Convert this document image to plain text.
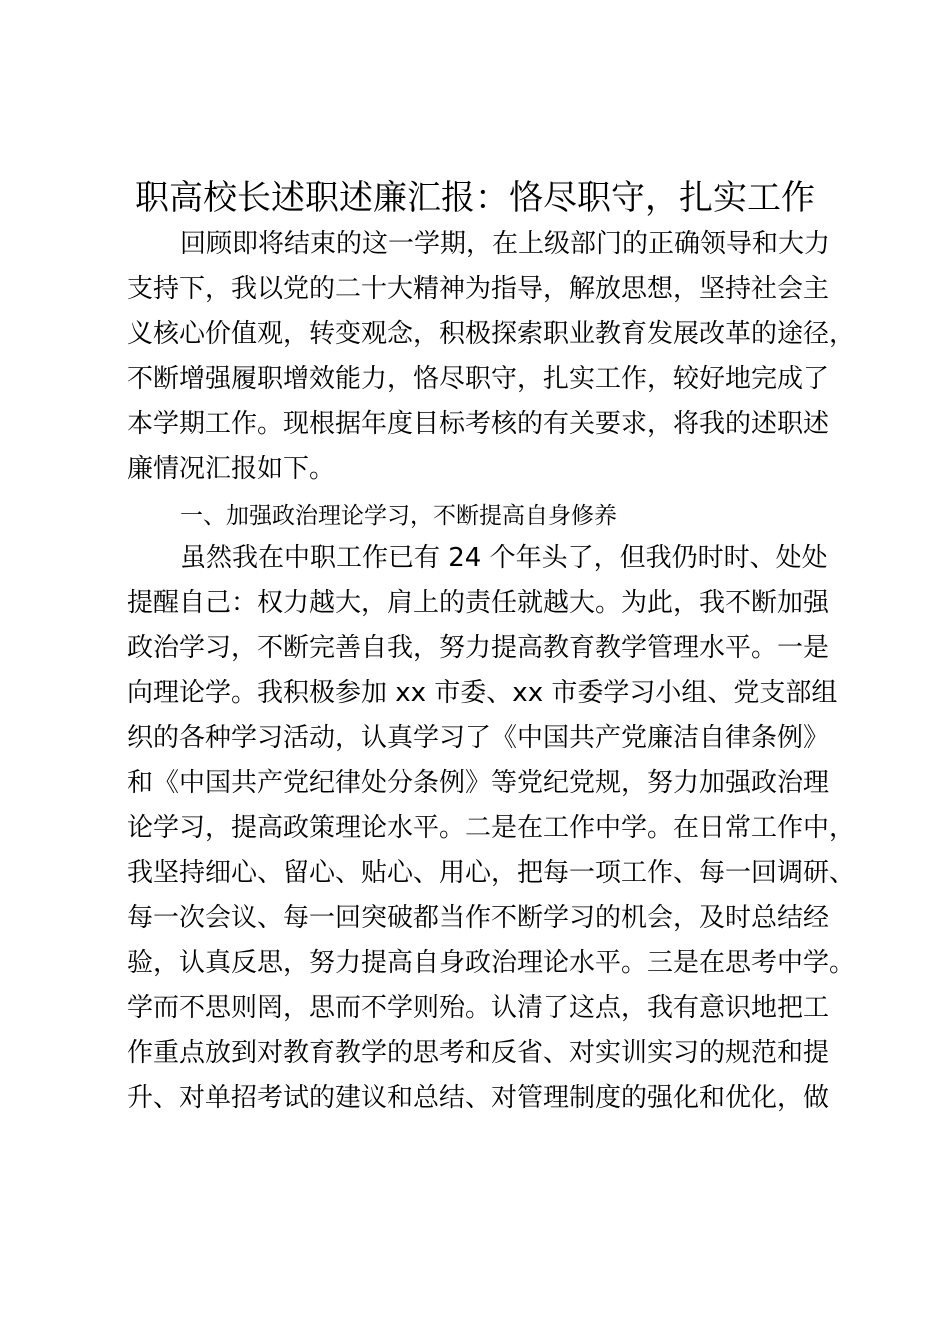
职高校长述职述廉汇报：恪尽职守，扎实工作
回顾即将结束的这一学期，在上级部门的正确领导和大力
支持下，我以党的二十大精神为指导，解放思想，坚持社会主
义核心价值观，转变观念，积极探索职业教育发展改革的途径，
不断增强履职增效能力，恪尽职守，扎实工作，较好地完成了
本学期工作。现根据年度目标考核的有关要求，将我的述职述
廉情况汇报如下。
一、加强政治理论学习，不断提高自身修养
虽然我在中职工作已有 24 个年头了，但我仍时时、处处
提醒自己：权力越大，肩上的责任就越大。为此，我不断加强
政治学习，不断完善自我，努力提高教育教学管理水平。一是
向理论学。我积极参加 xx 市委、xx 市委学习小组、党支部组
织的各种学习活动，认真学习了《中国共产党廉洁自律条例》
和《中国共产党纪律处分条例》等党纪党规，努力加强政治理
论学习，提高政策理论水平。二是在工作中学。在日常工作中，
我坚持细心、留心、贴心、用心，把每一项工作、每一回调研、
每一次会议、每一回突破都当作不断学习的机会，及时总结经
验，认真反思，努力提高自身政治理论水平。三是在思考中学。
学而不思则罔，思而不学则殆。认清了这点，我有意识地把工
作重点放到对教育教学的思考和反省、对实训实习的规范和提
升、对单招考试的建议和总结、对管理制度的强化和优化，做
